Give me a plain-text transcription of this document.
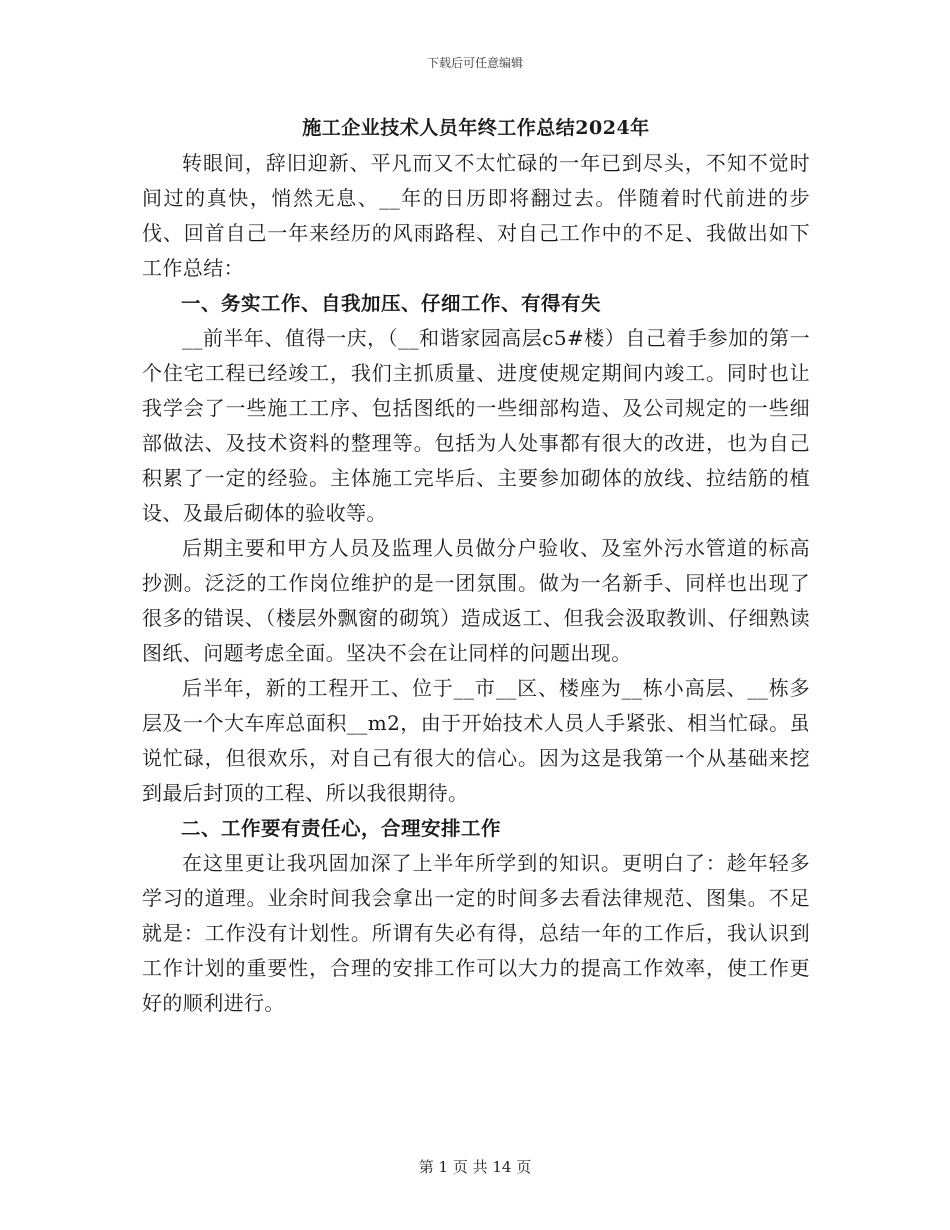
下载后可任意编辑
施工企业技术人员年终工作总结2024年

转眼间，辞旧迎新、平凡而又不太忙碌的一年已到尽头，不知不觉时间过的真快，悄然无息、__年的日历即将翻过去。伴随着时代前进的步伐、回首自己一年来经历的风雨路程、对自己工作中的不足、我做出如下工作总结：

一、务实工作、自我加压、仔细工作、有得有失

__前半年、值得一庆，（__和谐家园高层c5#楼）自己着手参加的第一个住宅工程已经竣工，我们主抓质量、进度使规定期间内竣工。同时也让我学会了一些施工工序、包括图纸的一些细部构造、及公司规定的一些细部做法、及技术资料的整理等。包括为人处事都有很大的改进，也为自己积累了一定的经验。主体施工完毕后、主要参加砌体的放线、拉结筋的植设、及最后砌体的验收等。

后期主要和甲方人员及监理人员做分户验收、及室外污水管道的标高抄测。泛泛的工作岗位维护的是一团氛围。做为一名新手、同样也出现了很多的错误、（楼层外飘窗的砌筑）造成返工、但我会汲取教训、仔细熟读图纸、问题考虑全面。坚决不会在让同样的问题出现。

后半年，新的工程开工、位于__市__区、楼座为__栋小高层、__栋多层及一个大车库总面积__m2，由于开始技术人员人手紧张、相当忙碌。虽说忙碌，但很欢乐，对自己有很大的信心。因为这是我第一个从基础来挖到最后封顶的工程、所以我很期待。

二、工作要有责任心，合理安排工作

在这里更让我巩固加深了上半年所学到的知识。更明白了：趁年轻多学习的道理。业余时间我会拿出一定的时间多去看法律规范、图集。不足就是：工作没有计划性。所谓有失必有得，总结一年的工作后，我认识到工作计划的重要性，合理的安排工作可以大力的提高工作效率，使工作更好的顺利进行。

第 1 页 共 14 页
